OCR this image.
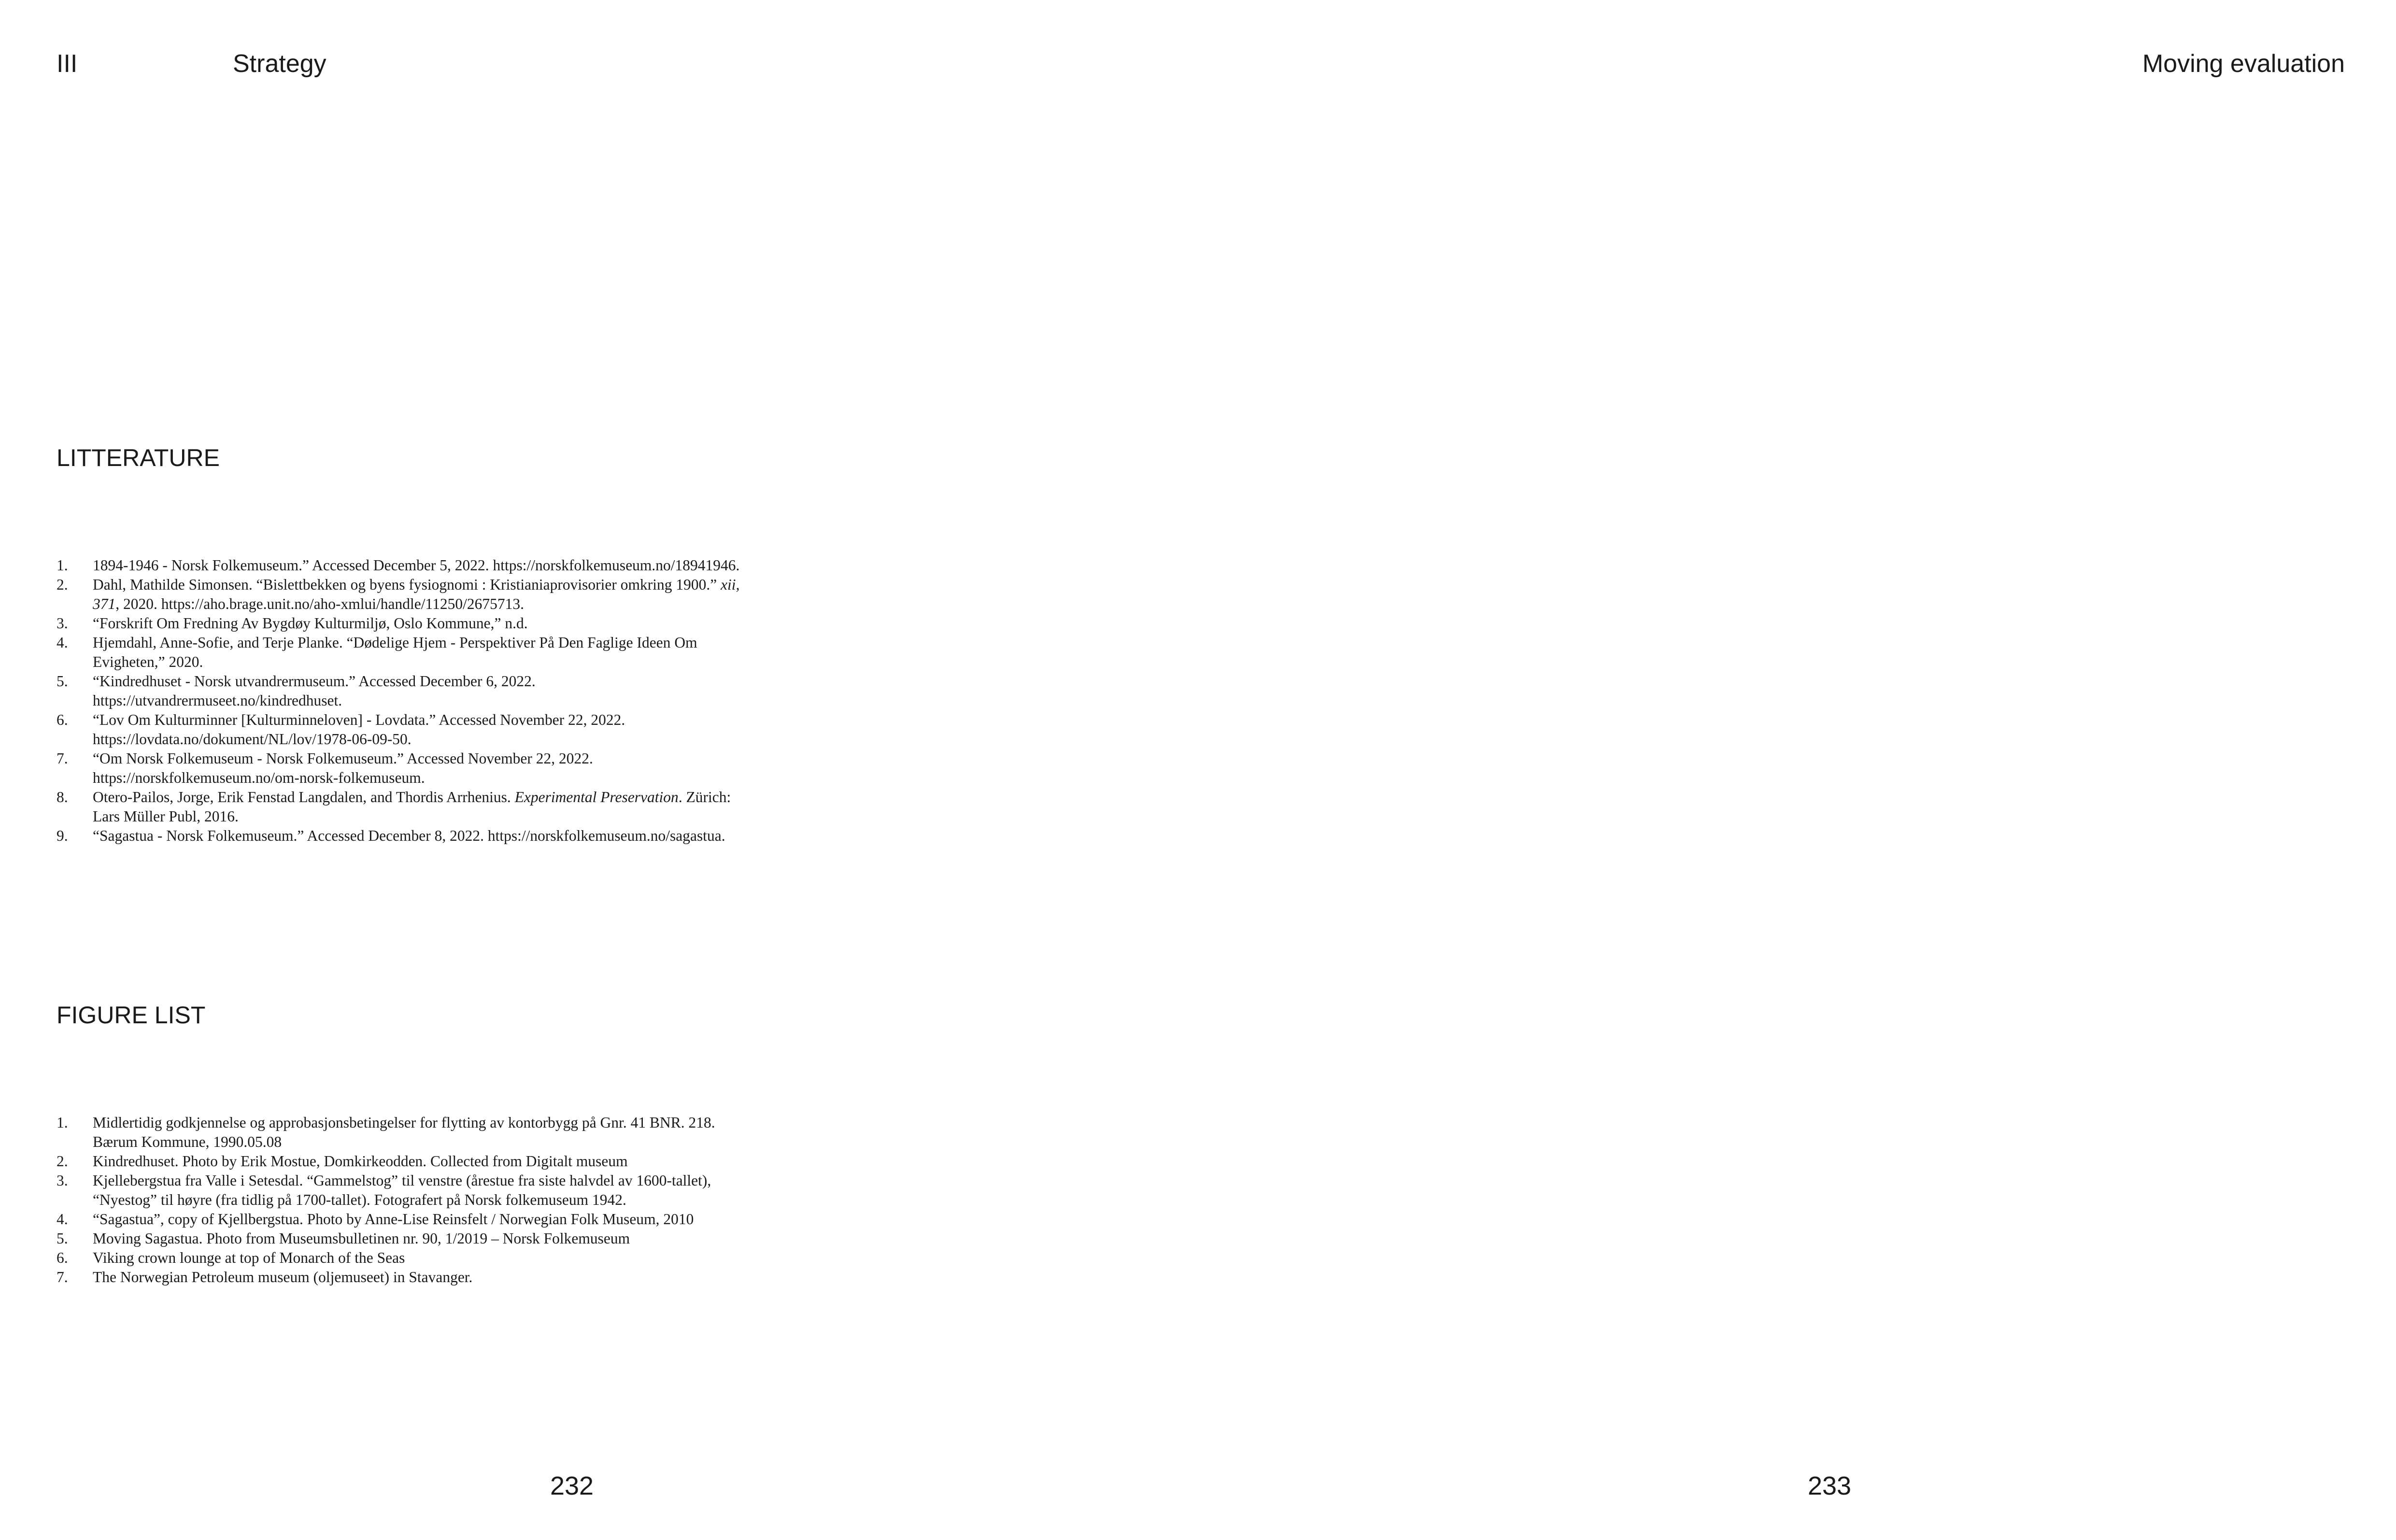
III	Strategy	Moving evaluation
LITTERATURE
1.	1894-1946 - Norsk Folkemuseum.” Accessed December 5, 2022. https://norskfolkemuseum.no/18941946.
2.	Dahl, Mathilde Simonsen. “Bislettbekken og byens fysiognomi : Kristianiaprovisorier omkring 1900.” xii, 371, 2020. https://aho.brage.unit.no/aho-xmlui/handle/11250/2675713.
3.	“Forskrift Om Fredning Av Bygdøy Kulturmiljø, Oslo Kommune,” n.d.
4.	Hjemdahl, Anne-Sofie, and Terje Planke. “Dødelige Hjem - Perspektiver På Den Faglige Ideen Om Evigheten,” 2020.
5.	“Kindredhuset - Norsk utvandrermuseum.” Accessed December 6, 2022. https://utvandrermuseet.no/kindredhuset.
6.	“Lov Om Kulturminner [Kulturminneloven] - Lovdata.” Accessed November 22, 2022. https://lovdata.no/dokument/NL/lov/1978-06-09-50.
7.	“Om Norsk Folkemuseum - Norsk Folkemuseum.” Accessed November 22, 2022. https://norskfolkemuseum.no/om-norsk-folkemuseum.
8.	Otero-Pailos, Jorge, Erik Fenstad Langdalen, and Thordis Arrhenius. Experimental Preservation. Zürich: Lars Müller Publ, 2016.
9.	“Sagastua - Norsk Folkemuseum.” Accessed December 8, 2022. https://norskfolkemuseum.no/sagastua.
FIGURE LIST
1.	Midlertidig godkjennelse og approbasjonsbetingelser for flytting av kontorbygg på Gnr. 41 BNR. 218. Bærum Kommune, 1990.05.08
2.	Kindredhuset. Photo by Erik Mostue, Domkirkeodden. Collected from Digitalt museum
3.	Kjellebergstua fra Valle i Setesdal. “Gammelstog” til venstre (årestue fra siste halvdel av 1600-tallet), “Nyestog” til høyre (fra tidlig på 1700-tallet). Fotografert på Norsk folkemuseum 1942.
4.	“Sagastua”, copy of Kjellbergstua. Photo by Anne-Lise Reinsfelt / Norwegian Folk Museum, 2010
5.	Moving Sagastua. Photo from Museumsbulletinen nr. 90, 1/2019 – Norsk Folkemuseum
6.	Viking crown lounge at top of Monarch of the Seas
7.	The Norwegian Petroleum museum (oljemuseet) in Stavanger.
232	233
